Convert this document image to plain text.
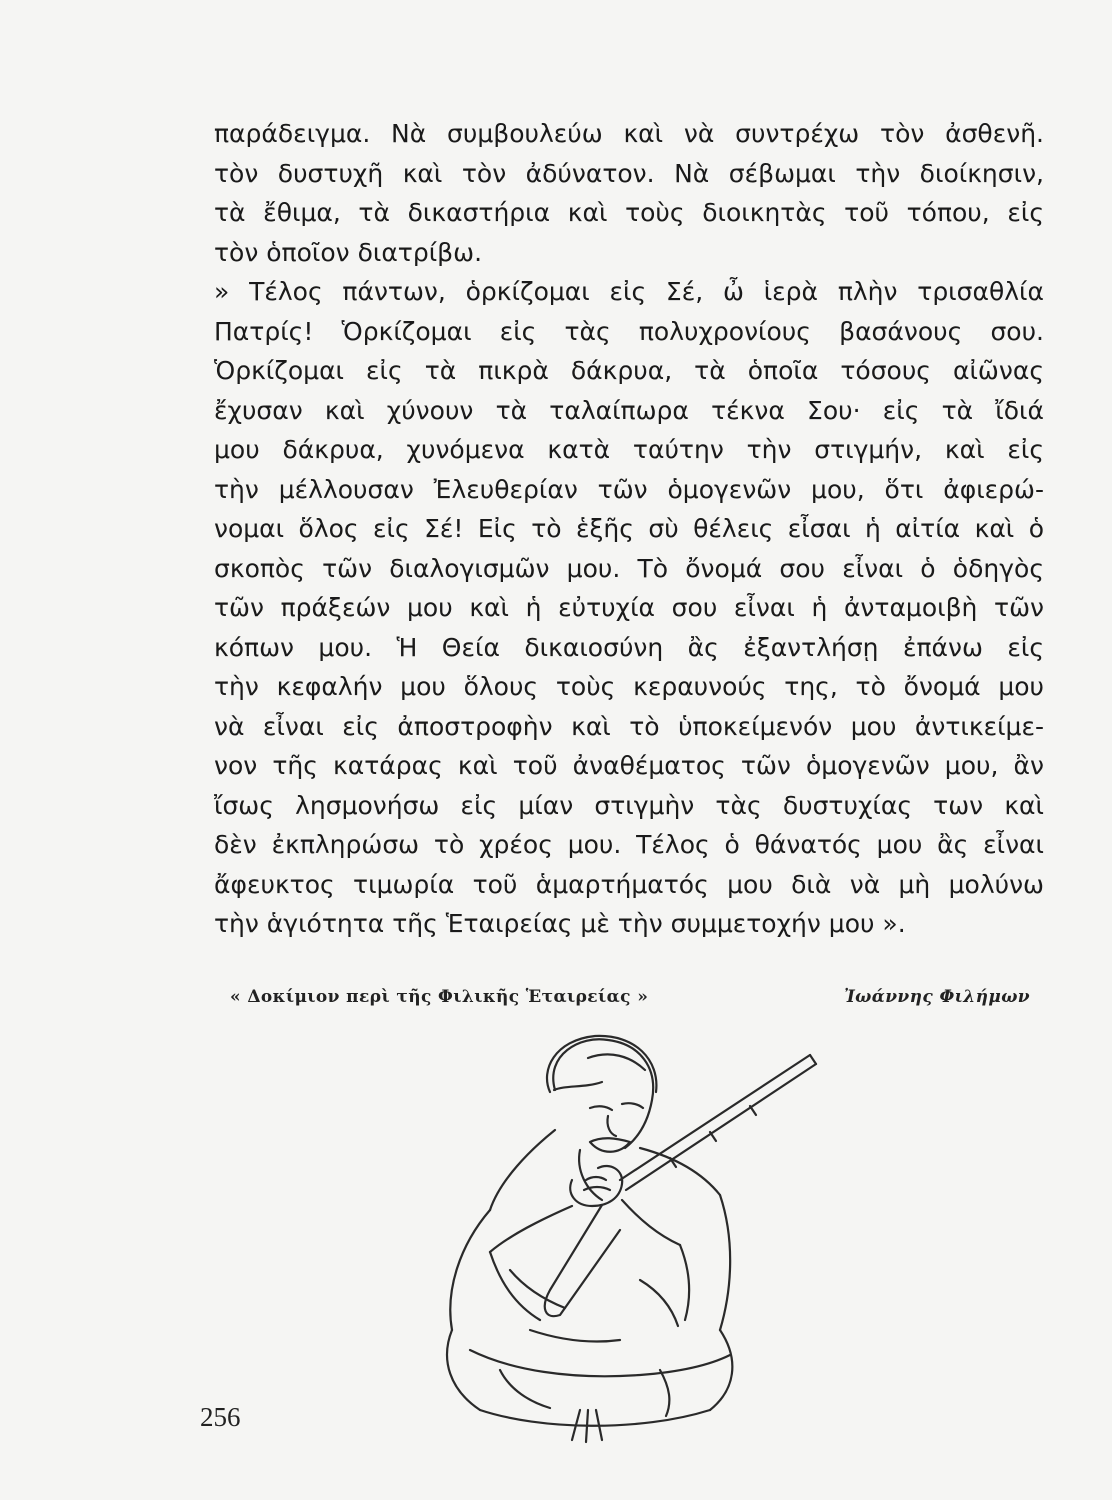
παράδειγμα. Νὰ συμβουλεύω καὶ νὰ συντρέχω τὸν ἀσθενῆ.
τὸν δυστυχῆ καὶ τὸν ἀδύνατον. Νὰ σέβωμαι τὴν διοίκησιν,
τὰ ἔθιμα, τὰ δικαστήρια καὶ τοὺς διοικητὰς τοῦ τόπου, εἰς
τὸν ὁποῖον διατρίβω.
» Τέλος πάντων, ὁρκίζομαι εἰς Σέ, ὦ ἱερὰ πλὴν τρισαθλία
Πατρίς! Ὁρκίζομαι εἰς τὰς πολυχρονίους βασάνους σου.
Ὁρκίζομαι εἰς τὰ πικρὰ δάκρυα, τὰ ὁποῖα τόσους αἰῶνας
ἔχυσαν καὶ χύνουν τὰ ταλαίπωρα τέκνα Σου· εἰς τὰ ἴδιά
μου δάκρυα, χυνόμενα κατὰ ταύτην τὴν στιγμήν, καὶ εἰς
τὴν μέλλουσαν Ἐλευθερίαν τῶν ὁμογενῶν μου, ὅτι ἀφιερώ-
νομαι ὅλος εἰς Σέ! Εἰς τὸ ἑξῆς σὺ θέλεις εἶσαι ἡ αἰτία καὶ ὁ
σκοπὸς τῶν διαλογισμῶν μου. Τὸ ὄνομά σου εἶναι ὁ ὁδηγὸς
τῶν πράξεών μου καὶ ἡ εὐτυχία σου εἶναι ἡ ἀνταμοιβὴ τῶν
κόπων μου. Ἡ Θεία δικαιοσύνη ἂς ἐξαντλήσῃ ἐπάνω εἰς
τὴν κεφαλήν μου ὅλους τοὺς κεραυνούς της, τὸ ὄνομά μου
νὰ εἶναι εἰς ἀποστροφὴν καὶ τὸ ὑποκείμενόν μου ἀντικείμε-
νον τῆς κατάρας καὶ τοῦ ἀναθέματος τῶν ὁμογενῶν μου, ἂν
ἴσως λησμονήσω εἰς μίαν στιγμὴν τὰς δυστυχίας των καὶ
δὲν ἐκπληρώσω τὸ χρέος μου. Τέλος ὁ θάνατός μου ἂς εἶναι
ἄφευκτος τιμωρία τοῦ ἁμαρτήματός μου διὰ νὰ μὴ μολύνω
τὴν ἁγιότητα τῆς Ἑταιρείας μὲ τὴν συμμετοχήν μου ».
« Δοκίμιον περὶ τῆς Φιλικῆς Ἑταιρείας »	Ἰωάννης Φιλήμων
256
